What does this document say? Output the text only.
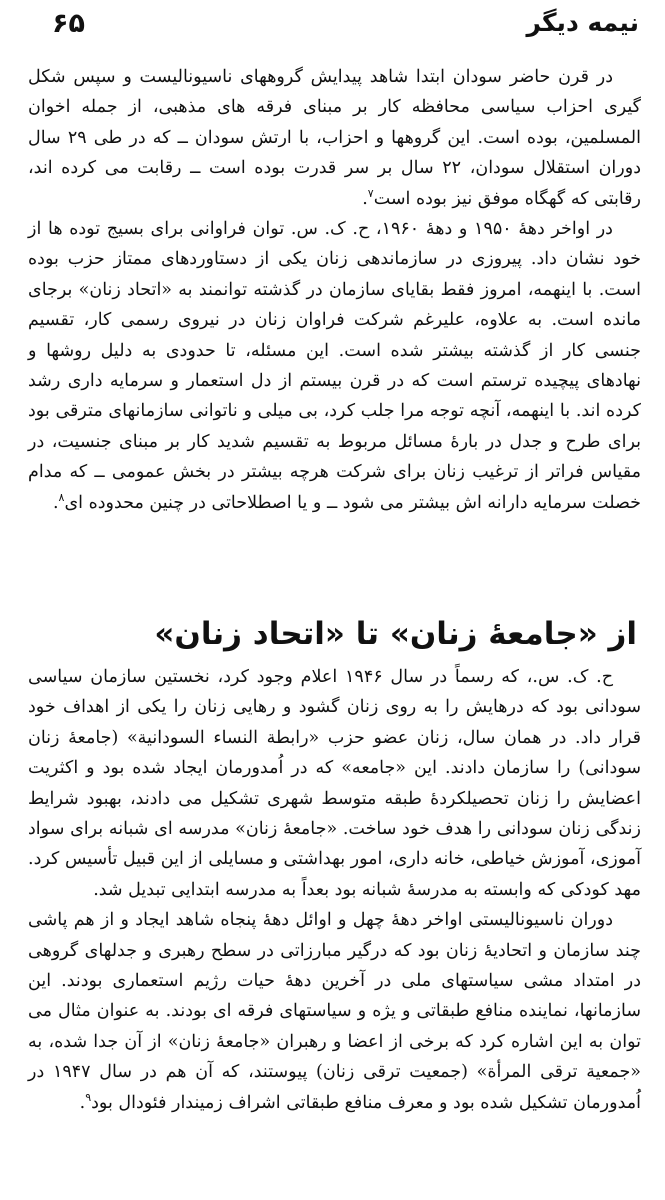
۶۵	نیمه دیگر

در قرن حاضر سودان ابتدا شاهد پیدایش گروههای ناسیونالیست و سپس شکل گیری احزاب سیاسی محافظه کار بر مبنای فرقه های مذهبی، از جمله اخوان المسلمین، بوده است. این گروهها و احزاب، با ارتش سودان ــ که در طی ۲۹ سال دوران استقلال سودان، ۲۲ سال بر سر قدرت بوده است ــ رقابت می کرده اند، رقابتی که گهگاه موفق نیز بوده است$^۷$.

در اواخر دههٔ ۱۹۵۰ و دههٔ ۱۹۶۰، ح. ک. س. توان فراوانی برای بسیج توده ها از خود نشان داد. پیروزی در سازماندهی زنان یکی از دستاوردهای ممتاز حزب بوده است. با اینهمه، امروز فقط بقایای سازمان در گذشته توانمند به «اتحاد زنان» برجای مانده است. به علاوه، علیرغم شرکت فراوان زنان در نیروی رسمی کار، تقسیم جنسی کار از گذشته بیشتر شده است. این مسئله، تا حدودی به دلیل روشها و نهادهای پیچیده ترستم است که در قرن بیستم از دل استعمار و سرمایه داری رشد کرده اند. با اینهمه، آنچه توجه مرا جلب کرد، بی میلی و ناتوانی سازمانهای مترقی بود برای طرح و جدل در بارهٔ مسائل مربوط به تقسیم شدید کار بر مبنای جنسیت، در مقیاس فراتر از ترغیب زنان برای شرکت هرچه بیشتر در بخش عمومی ــ که مدام خصلت سرمایه دارانه اش بیشتر می شود ــ و یا اصطلاحاتی در چنین محدوده ای$^۸$.

از «جامعهٔ زنان» تا «اتحاد زنان»

ح. ک. س.، که رسماً در سال ۱۹۴۶ اعلام وجود کرد، نخستین سازمان سیاسی سودانی بود که درهایش را به روی زنان گشود و رهایی زنان را یکی از اهداف خود قرار داد. در همان سال، زنان عضو حزب «رابطة النساء السودانية» (جامعهٔ زنان سودانی) را سازمان دادند. این «جامعه» که در اُمدورمان ایجاد شده بود و اکثریت اعضایش را زنان تحصیلکردهٔ طبقه متوسط شهری تشکیل می دادند، بهبود شرایط زندگی زنان سودانی را هدف خود ساخت. «جامعهٔ زنان» مدرسه ای شبانه برای سواد آموزی، آموزش خیاطی، خانه داری، امور بهداشتی و مسایلی از این قبیل تأسیس کرد. مهد کودکی که وابسته به مدرسهٔ شبانه بود بعداً به مدرسه ابتدایی تبدیل شد.

دوران ناسیونالیستی اواخر دههٔ چهل و اوائل دههٔ پنجاه شاهد ایجاد و از هم پاشی چند سازمان و اتحادیهٔ زنان بود که درگیر مبارزاتی در سطح رهبری و جدلهای گروهی در امتداد مشی سیاستهای ملی در آخرین دههٔ حیات رژیم استعماری بودند. این سازمانها، نماینده منافع طبقاتی و یژه و سیاستهای فرقه ای بودند. به عنوان مثال می توان به این اشاره کرد که برخی از اعضا و رهبران «جامعهٔ زنان» از آن جدا شده، به «جمعية ترقی المرأة» (جمعیت ترقی زنان) پیوستند، که آن هم در سال ۱۹۴۷ در اُمدورمان تشکیل شده بود و معرف منافع طبقاتی اشراف زمیندار فئودال بود$^۹$.
